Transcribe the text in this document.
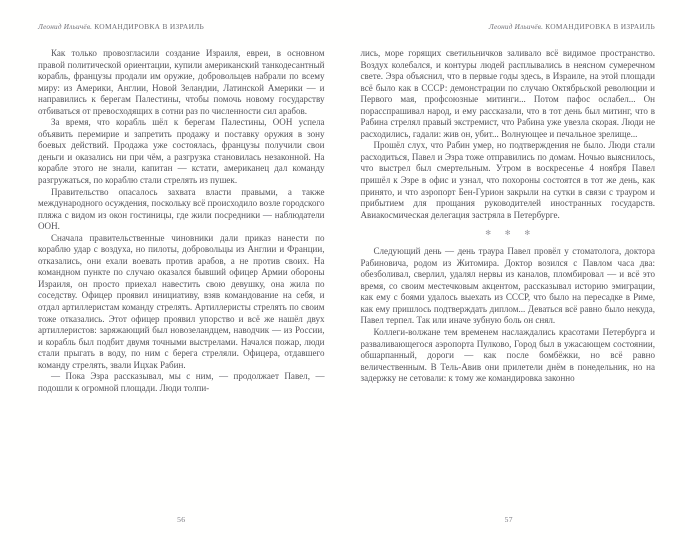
Леонид Ильичёв. КОМАНДИРОВКА В ИЗРАИЛЬ

Как только провозгласили создание Израиля, евреи, в основном правой политической ориентации, купили американский танкодесантный корабль, французы продали им оружие, добровольцев набрали по всему миру: из Америки, Англии, Новой Зеландии, Латинской Америки — и направились к берегам Палестины, чтобы помочь новому государству отбиваться от превосходящих в сотни раз по численности сил арабов.

За время, что корабль шёл к берегам Палестины, ООН успела объявить перемирие и запретить продажу и поставку оружия в зону боевых действий. Продажа уже состоялась, французы получили свои деньги и оказались ни при чём, а разгрузка становилась незаконной. На корабле этого не знали, капитан — кстати, американец дал команду разгружаться, по кораблю стали стрелять из пушек.

Правительство опасалось захвата власти правыми, а также международного осуждения, поскольку всё происходило возле городского пляжа с видом из окон гостиницы, где жили посредники — наблюдатели ООН.

Сначала правительственные чиновники дали приказ нанести по кораблю удар с воздуха, но пилоты, добровольцы из Англии и Франции, отказались, они ехали воевать против арабов, а не против своих. На командном пункте по случаю оказался бывший офицер Армии обороны Израиля, он просто приехал навестить свою девушку, она жила по соседству. Офицер проявил инициативу, взяв командование на себя, и отдал артиллеристам команду стрелять. Артиллеристы стрелять по своим тоже отказались. Этот офицер проявил упорство и всё же нашёл двух артиллеристов: заряжающий был новозеландцем, наводчик — из России, и корабль был подбит двумя точными выстрелами. Начался пожар, люди стали прыгать в воду, по ним с берега стреляли. Офицера, отдавшего команду стрелять, звали Ицхак Рабин.

— Пока Эзра рассказывал, мы с ним, — продолжает Павел, — подошли к огромной площади. Люди толпи-

56
Леонид Ильичёв. КОМАНДИРОВКА В ИЗРАИЛЬ

лись, море горящих светильничков заливало всё видимое пространство. Воздух колебался, и контуры людей расплывались в неясном сумеречном свете. Эзра объяснил, что в первые годы здесь, в Израиле, на этой площади всё было как в СССР: демонстрации по случаю Октябрьской революции и Первого мая, профсоюзные митинги... Потом пафос ослабел... Он порасспрашивал народ, и ему рассказали, что в тот день был митинг, что в Рабина стрелял правый экстремист, что Рабина уже увезла скорая. Люди не расходились, гадали: жив он, убит... Волнующее и печальное зрелище...

Прошёл слух, что Рабин умер, но подтверждения не было. Люди стали расходиться, Павел и Эзра тоже отправились по домам. Ночью выяснилось, что выстрел был смертельным. Утром в воскресенье 4 ноября Павел пришёл к Эзре в офис и узнал, что похороны состоятся в тот же день, как принято, и что аэропорт Бен-Гурион закрыли на сутки в связи с трауром и прибытием для прощания руководителей иностранных государств. Авиакосмическая делегация застряла в Петербурге.

✻ ✻ ✻

Следующий день — день траура Павел провёл у стоматолога, доктора Рабиновича, родом из Житомира. Доктор возился с Павлом часа два: обезболивал, сверлил, удалял нервы из каналов, пломбировал — и всё это время, со своим местечковым акцентом, рассказывал историю эмиграции, как ему с боями удалось выехать из СССР, что было на пересадке в Риме, как ему пришлось подтверждать диплом... Деваться всё равно было некуда, Павел терпел. Так или иначе зубную боль он снял.

Коллеги-волжане тем временем наслаждались красотами Петербурга и разваливающегося аэропорта Пулково, Город был в ужасающем состоянии, обшарпанный, дороги — как после бомбёжки, но всё равно величественным. В Тель-Авив они прилетели днём в понедельник, но на задержку не сетовали: к тому же командировка законно

57
